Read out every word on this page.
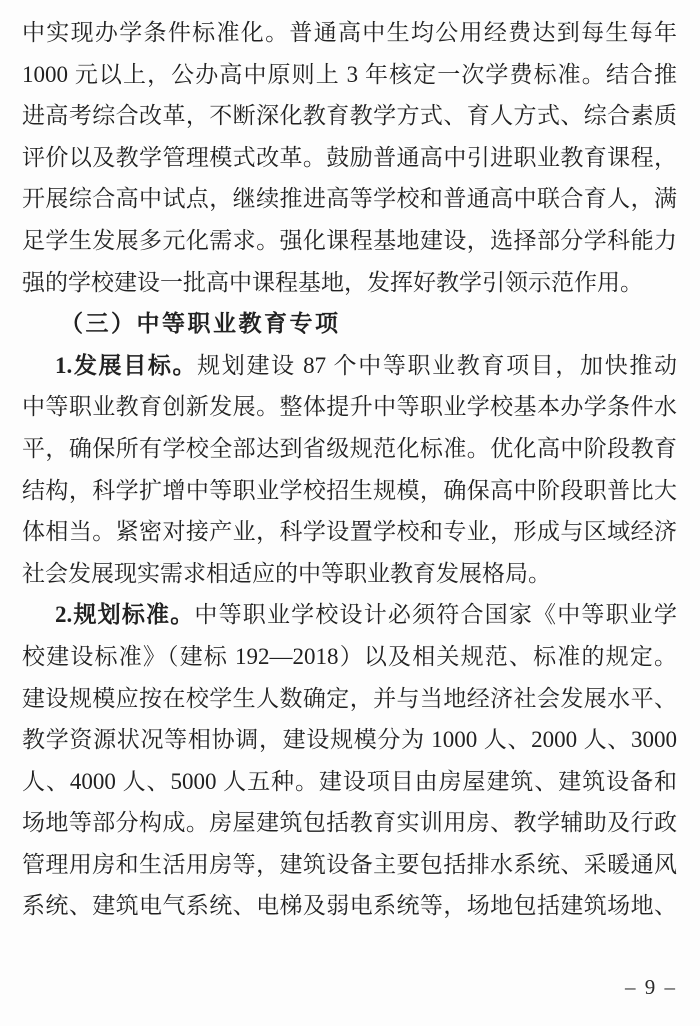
中实现办学条件标准化。普通高中生均公用经费达到每生每年
1000 元以上，公办高中原则上 3 年核定一次学费标准。结合推
进高考综合改革，不断深化教育教学方式、育人方式、综合素质
评价以及教学管理模式改革。鼓励普通高中引进职业教育课程，
开展综合高中试点，继续推进高等学校和普通高中联合育人，满
足学生发展多元化需求。强化课程基地建设，选择部分学科能力
强的学校建设一批高中课程基地，发挥好教学引领示范作用。
（三）中等职业教育专项
1.发展目标。规划建设 87 个中等职业教育项目，加快推动
中等职业教育创新发展。整体提升中等职业学校基本办学条件水
平，确保所有学校全部达到省级规范化标准。优化高中阶段教育
结构，科学扩增中等职业学校招生规模，确保高中阶段职普比大
体相当。紧密对接产业，科学设置学校和专业，形成与区域经济
社会发展现实需求相适应的中等职业教育发展格局。
2.规划标准。中等职业学校设计必须符合国家《中等职业学
校建设标准》（建标 192—2018）以及相关规范、标准的规定。
建设规模应按在校学生人数确定，并与当地经济社会发展水平、
教学资源状况等相协调，建设规模分为 1000 人、2000 人、3000
人、4000 人、5000 人五种。建设项目由房屋建筑、建筑设备和
场地等部分构成。房屋建筑包括教育实训用房、教学辅助及行政
管理用房和生活用房等，建筑设备主要包括排水系统、采暖通风
系统、建筑电气系统、电梯及弱电系统等，场地包括建筑场地、
– 9 –
